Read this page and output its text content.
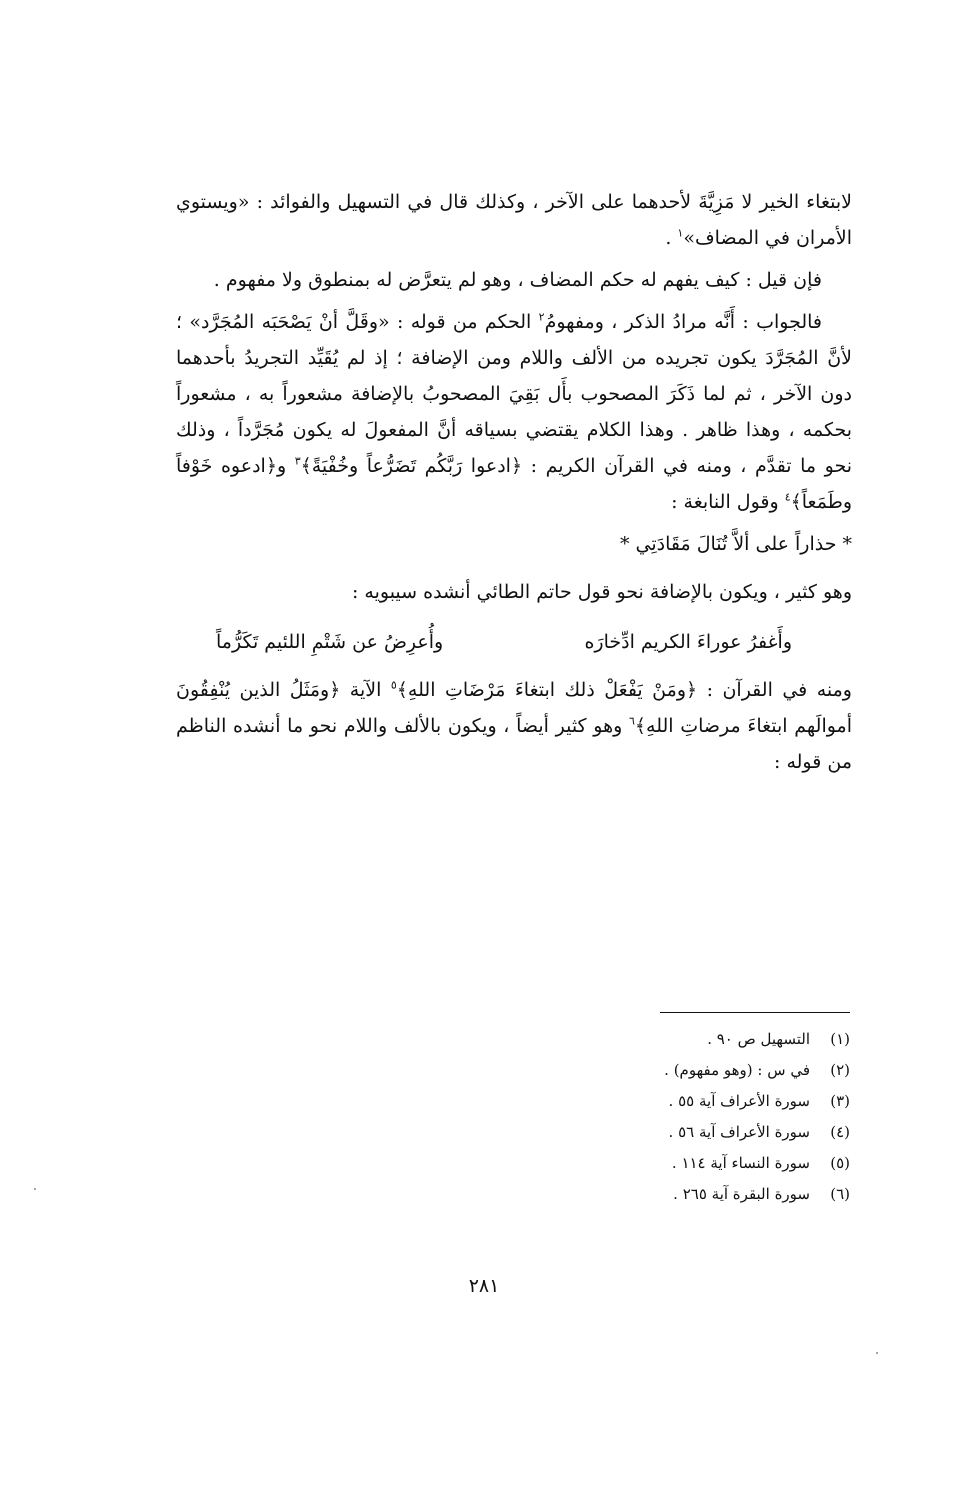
لابتغاء الخير لا مَزِيَّةَ لأحدهما على الآخر ، وكذلك قال في التسهيل والفوائد : «ويستوي الأمران في المضاف»$^١$ .

فإن قيل : كيف يفهم له حكم المضاف ، وهو لم يتعرَّض له بمنطوق ولا مفهوم .

فالجواب : أَنَّه مرادُ الذكر ، ومفهومُ$^٢$ الحكم من قوله : «وقَلَّ أنْ يَصْحَبَه المُجَرَّد» ؛ لأنَّ المُجَرَّدَ يكون تجريده من الألف واللام ومن الإضافة ؛ إذ لم يُقَيِّد التجريدُ بأحدهما دون الآخر ، ثم لما ذَكَرَ المصحوب بأَل بَقِيَ المصحوبُ بالإضافة مشعوراً به ، مشعوراً بحكمه ، وهذا ظاهر . وهذا الكلام يقتضي بسياقه أنَّ المفعولَ له يكون مُجَرَّداً ، وذلك نحو ما تقدَّم ، ومنه في القرآن الكريم : ﴿ادعوا رَبَّكُم تَضَرُّعاً وخُفْيَةً﴾$^٣$ و﴿ادعوه خَوْفاً وطَمَعاً﴾$^٤$ وقول النابغة :

* حذاراً على ألاَّ تُنَالَ مَقَادَتِي *

وهو كثير ، ويكون بالإضافة نحو قول حاتم الطائي أنشده سيبويه :

وأَغفرُ عوراءَ الكريم ادِّخارَه
وأُعرِضُ عن شَتْمِ اللئيم تَكَرُّماً

ومنه في القرآن : ﴿ومَنْ يَفْعَلْ ذلك ابتغاءَ مَرْضَاتِ اللهِ﴾$^٥$ الآية ﴿ومَثَلُ الذين يُنْفِقُونَ أموالَهم ابتغاءَ مرضاتِ اللهِ﴾$^٦$ وهو كثير أيضاً ، ويكون بالألف واللام نحو ما أنشده الناظم من قوله :

(١)
التسهيل ص ٩٠ .
(٢)
في س : (وهو مفهوم) .
(٣)
سورة الأعراف آية ٥٥ .
(٤)
سورة الأعراف آية ٥٦ .
(٥)
سورة النساء آية ١١٤ .
(٦)
سورة البقرة آية ٢٦٥ .
٢٨١
